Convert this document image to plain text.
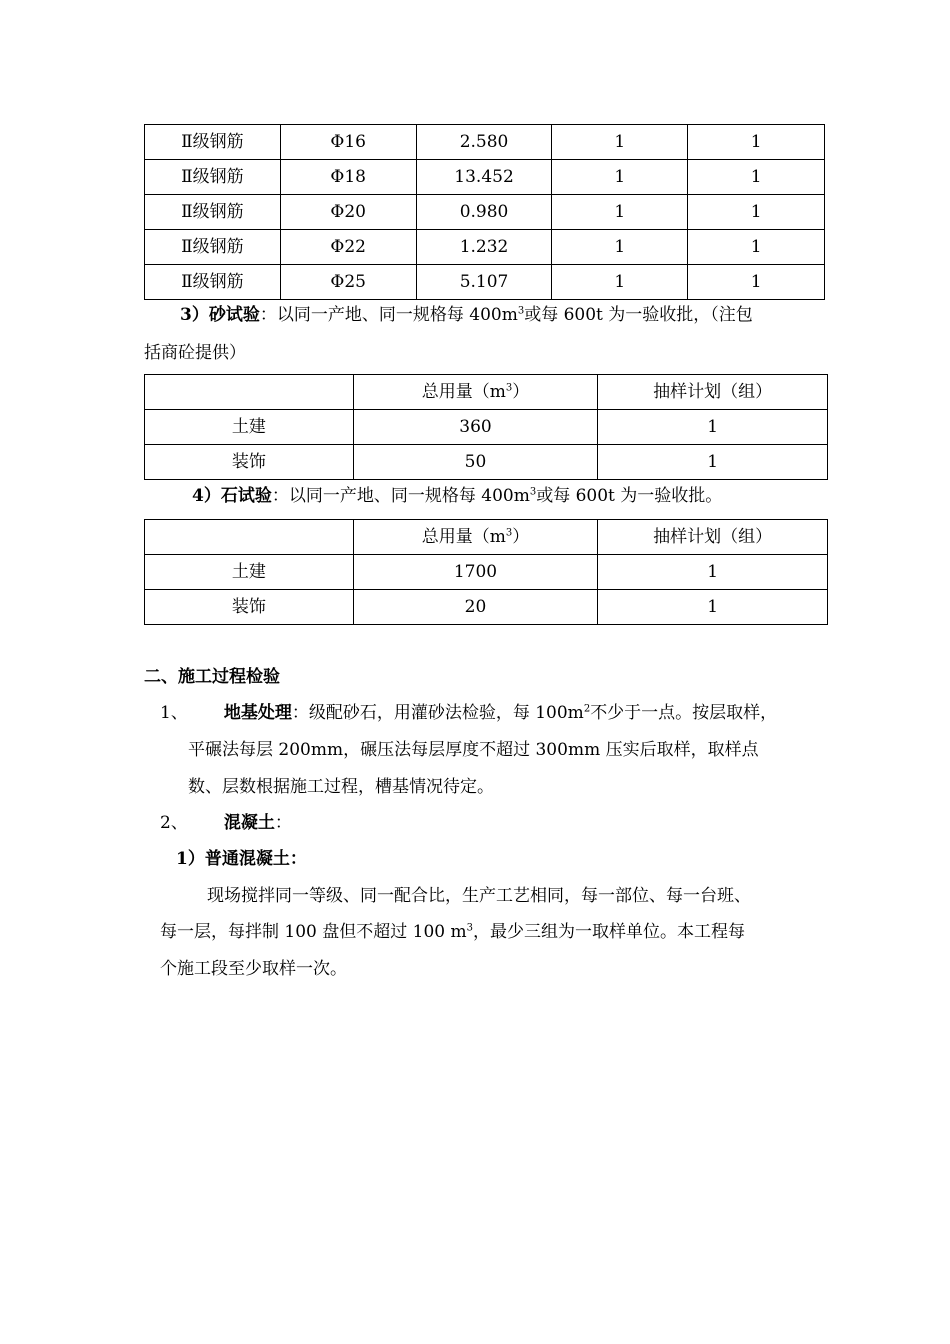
Ⅱ级钢筋	Φ16	2.580	1	1
Ⅱ级钢筋	Φ18	13.452	1	1
Ⅱ级钢筋	Φ20	0.980	1	1
Ⅱ级钢筋	Φ22	1.232	1	1
Ⅱ级钢筋	Φ25	5.107	1	1
3）砂试验：以同一产地、同一规格每 $400m^3$或每 600t 为一验收批，（注包
括商砼提供）
	总用量$(m^3)$	抽样计划（组）
土建	360	1
装饰	50	1
4）石试验：以同一产地、同一规格每 $400m^3$或每 600t 为一验收批。
	总用量$(m^3)$	抽样计划（组）
土建	1700	1
装饰	20	1
二、施工过程检验
1、 地基处理：级配砂石，用灌砂法检验，每 $100m^2$不少于一点。按层取样，
平碾法每层 200mm，碾压法每层厚度不超过 300mm 压实后取样，取样点
数、层数根据施工过程，槽基情况待定。
2、 混凝土：
1）普通混凝土：
现场搅拌同一等级、同一配合比，生产工艺相同，每一部位、每一台班、
每一层，每拌制 100 盘但不超过 100 $m^3$，最少三组为一取样单位。本工程每
个施工段至少取样一次。
